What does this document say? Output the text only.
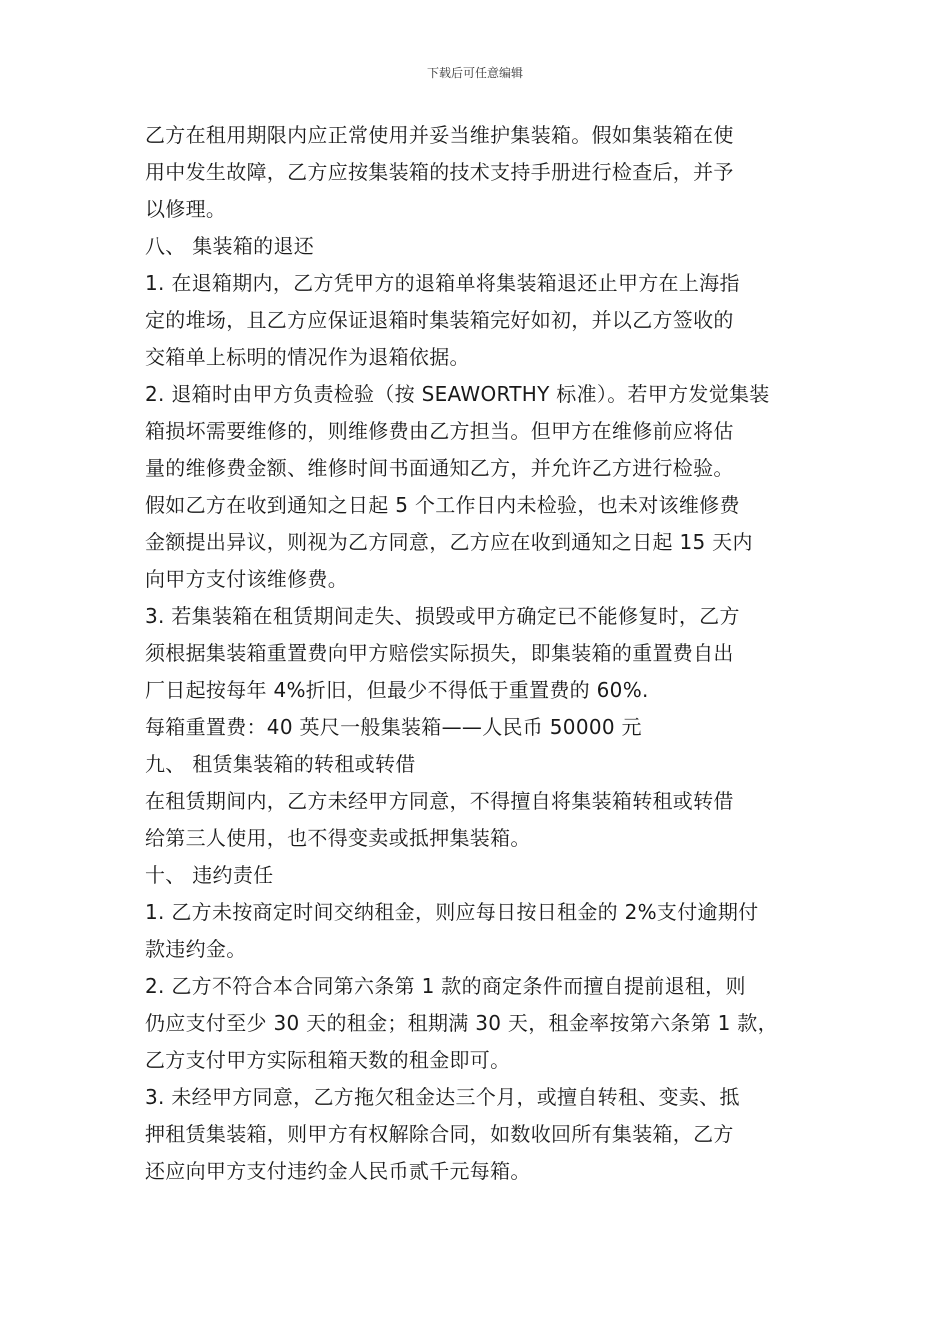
下载后可任意编辑
乙方在租用期限内应正常使用并妥当维护集装箱。假如集装箱在使
用中发生故障，乙方应按集装箱的技术支持手册进行检查后，并予
以修理。
八、 集装箱的退还
1. 在退箱期内，乙方凭甲方的退箱单将集装箱退还止甲方在上海指
定的堆场，且乙方应保证退箱时集装箱完好如初，并以乙方签收的
交箱单上标明的情况作为退箱依据。
2. 退箱时由甲方负责检验（按 SEAWORTHY 标准）。若甲方发觉集装
箱损坏需要维修的，则维修费由乙方担当。但甲方在维修前应将估
量的维修费金额、维修时间书面通知乙方，并允许乙方进行检验。
假如乙方在收到通知之日起 5 个工作日内未检验，也未对该维修费
金额提出异议，则视为乙方同意，乙方应在收到通知之日起 15 天内
向甲方支付该维修费。
3. 若集装箱在租赁期间走失、损毁或甲方确定已不能修复时，乙方
须根据集装箱重置费向甲方赔偿实际损失，即集装箱的重置费自出
厂日起按每年 4%折旧，但最少不得低于重置费的 60%.
每箱重置费：40 英尺一般集装箱——人民币 50000 元
九、 租赁集装箱的转租或转借
在租赁期间内，乙方未经甲方同意，不得擅自将集装箱转租或转借
给第三人使用，也不得变卖或抵押集装箱。
十、 违约责任
1. 乙方未按商定时间交纳租金，则应每日按日租金的 2%支付逾期付
款违约金。
2. 乙方不符合本合同第六条第 1 款的商定条件而擅自提前退租，则
仍应支付至少 30 天的租金；租期满 30 天，租金率按第六条第 1 款，
乙方支付甲方实际租箱天数的租金即可。
3. 未经甲方同意，乙方拖欠租金达三个月，或擅自转租、变卖、抵
押租赁集装箱，则甲方有权解除合同，如数收回所有集装箱，乙方
还应向甲方支付违约金人民币贰千元每箱。
